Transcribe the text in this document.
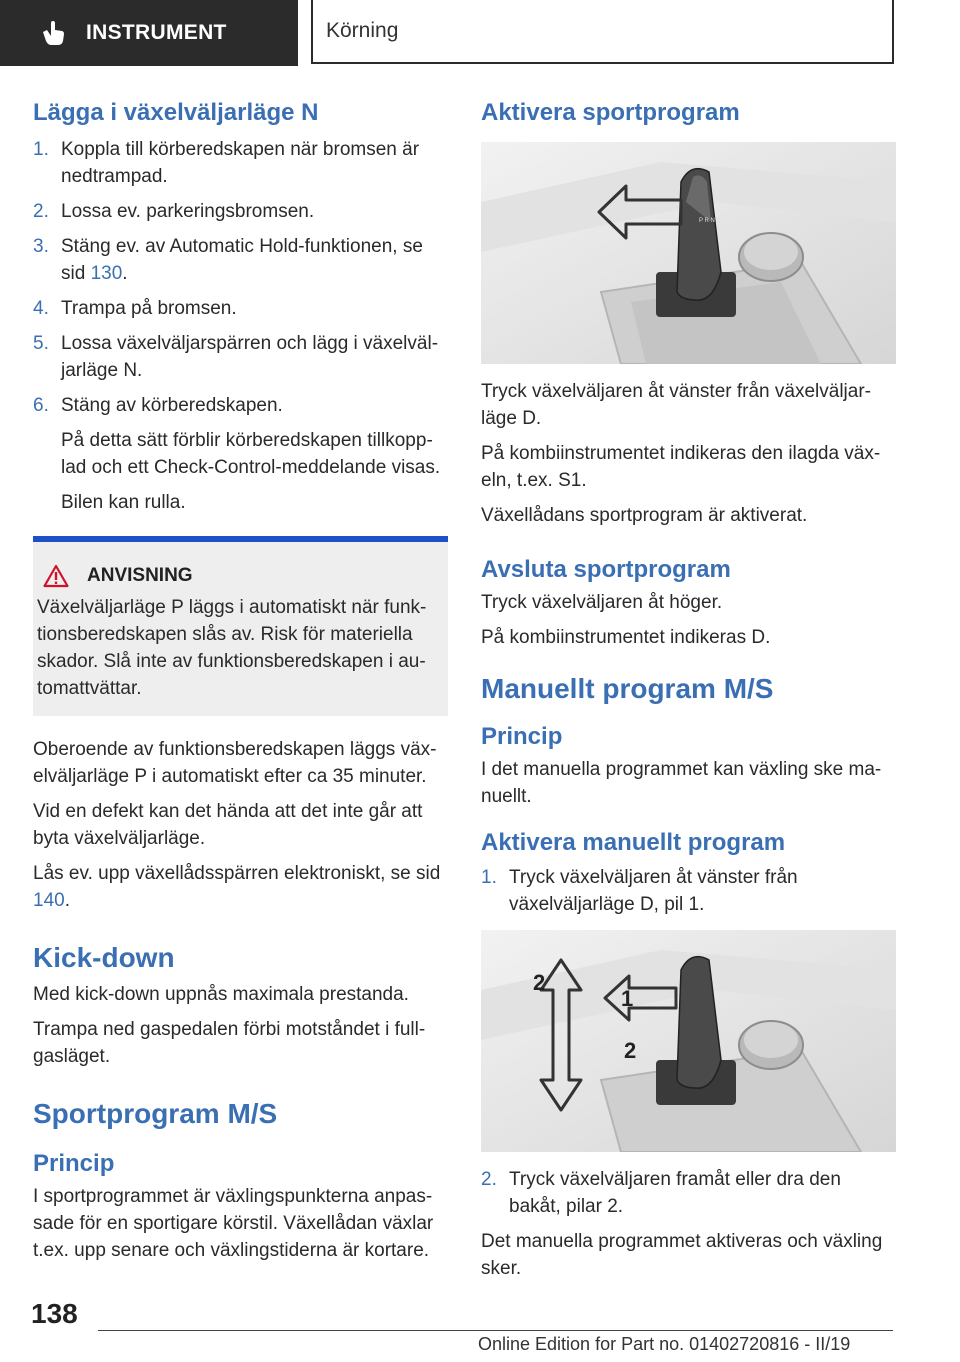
INSTRUMENT	Körning
Lägga i växelväljarläge N
1. Koppla till körberedskapen när bromsen är nedtrampad.
2. Lossa ev. parkeringsbromsen.
3. Stäng ev. av Automatic Hold-funktionen, se sid 130.
4. Trampa på bromsen.
5. Lossa växelväljarspärren och lägg i växelväljarläge N.
6. Stäng av körberedskapen.

På detta sätt förblir körberedskapen tillkopplad och ett Check-Control-meddelande visas.

Bilen kan rulla.

ANVISNING

Växelväljarläge P läggs i automatiskt när funktionsberedskapen slås av. Risk för materiella skador. Slå inte av funktionsberedskapen i automattvättar.

Oberoende av funktionsberedskapen läggs växelväljarläge P i automatiskt efter ca 35 minuter.

Vid en defekt kan det hända att det inte går att byta växelväljarläge.

Lås ev. upp växellådsspärren elektroniskt, se sid 140.

Kick-down

Med kick-down uppnås maximala prestanda.

Trampa ned gaspedalen förbi motståndet i fullgasläget.

Sportprogram M/S
Princip

I sportprogrammet är växlingspunkterna anpassade för en sportigare körstil. Växellådan växlar t.ex. upp senare och växlingstiderna är kortare.

Aktivera sportprogram
P R N D

Tryck växelväljaren åt vänster från växelväljarläge D.

På kombiinstrumentet indikeras den ilagda växeln, t.ex. S1.

Växellådans sportprogram är aktiverat.

Avsluta sportprogram

Tryck växelväljaren åt höger.

På kombiinstrumentet indikeras D.

Manuellt program M/S
Princip

I det manuella programmet kan växling ske manuellt.

Aktivera manuellt program
1. Tryck växelväljaren åt vänster från växelväljarläge D, pil 1.
1
2
2
2. Tryck växelväljaren framåt eller dra den bakåt, pilar 2.

Det manuella programmet aktiveras och växling sker.

138
Online Edition for Part no. 01402720816 - II/19
